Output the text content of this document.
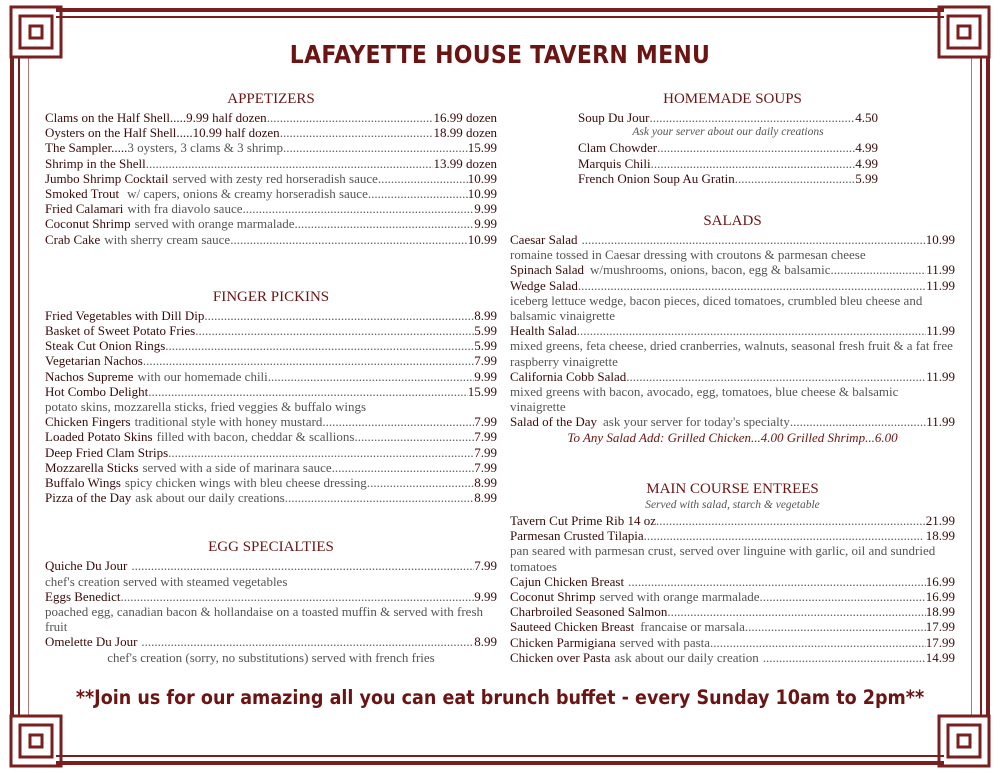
LAFAYETTE HOUSE TAVERN MENU
APPETIZERS
Clams on the Half Shell.....9.99 half dozen .....	16.99 dozen
Oysters on the Half Shell.....10.99 half dozen .....	18.99 dozen
The Sampler..... 3 oysters, 3 clams & 3 shrimp .....	15.99
Shrimp in the Shell .....	13.99 dozen
Jumbo Shrimp Cocktail served with zesty red horseradish sauce .....	10.99
Smoked Trout w/ capers, onions & creamy horseradish sauce .....	10.99
Fried Calamari with fra diavolo sauce .....	9.99
Coconut Shrimp served with orange marmalade .....	9.99
Crab Cake with sherry cream sauce .....	10.99
FINGER PICKINS
Fried Vegetables with Dill Dip .....	8.99
Basket of Sweet Potato Fries .....	5.99
Steak Cut Onion Rings .....	5.99
Vegetarian Nachos .....	7.99
Nachos Supreme with our homemade chili .....	9.99
Hot Combo Delight .....	15.99
potato skins, mozzarella sticks, fried veggies & buffalo wings
Chicken Fingers traditional style with honey mustard .....	7.99
Loaded Potato Skins filled with bacon, cheddar & scallions .....	7.99
Deep Fried Clam Strips .....	7.99
Mozzarella Sticks served with a side of marinara sauce .....	7.99
Buffalo Wings spicy chicken wings with bleu cheese dressing .....	8.99
Pizza of the Day ask about our daily creations .....	8.99
EGG SPECIALTIES
Quiche Du Jour .....	7.99
chef's creation served with steamed vegetables
Eggs Benedict .....	9.99
poached egg, canadian bacon & hollandaise on a toasted muffin & served with fresh fruit
Omelette Du Jour .....	8.99
chef's creation (sorry, no substitutions) served with french fries
HOMEMADE SOUPS
Soup Du Jour .....	4.50
Ask your server about our daily creations
Clam Chowder .....	4.99
Marquis Chili .....	4.99
French Onion Soup Au Gratin .....	5.99
SALADS
Caesar Salad .....	10.99
romaine tossed in Caesar dressing with croutons & parmesan cheese
Spinach Salad w/mushrooms, onions, bacon, egg & balsamic .....	11.99
Wedge Salad .....	11.99
iceberg lettuce wedge, bacon pieces, diced tomatoes, crumbled bleu cheese and balsamic vinaigrette
Health Salad .....	11.99
mixed greens, feta cheese, dried cranberries, walnuts, seasonal fresh fruit & a fat free raspberry vinaigrette
California Cobb Salad .....	11.99
mixed greens with bacon, avocado, egg, tomatoes, blue cheese & balsamic vinaigrette
Salad of the Day ask your server for today's specialty .....	11.99
To Any Salad Add: Grilled Chicken...4.00 Grilled Shrimp...6.00
MAIN COURSE ENTREES
Served with salad, starch & vegetable
Tavern Cut Prime Rib 14 oz .....	21.99
Parmesan Crusted Tilapia .....	18.99
pan seared with parmesan crust, served over linguine with garlic, oil and sundried tomatoes
Cajun Chicken Breast .....	16.99
Coconut Shrimp served with orange marmalade .....	16.99
Charbroiled Seasoned Salmon .....	18.99
Sauteed Chicken Breast francaise or marsala .....	17.99
Chicken Parmigiana served with pasta .....	17.99
Chicken over Pasta ask about our daily creation .....	14.99
**Join us for our amazing all you can eat brunch buffet - every Sunday 10am to 2pm**
